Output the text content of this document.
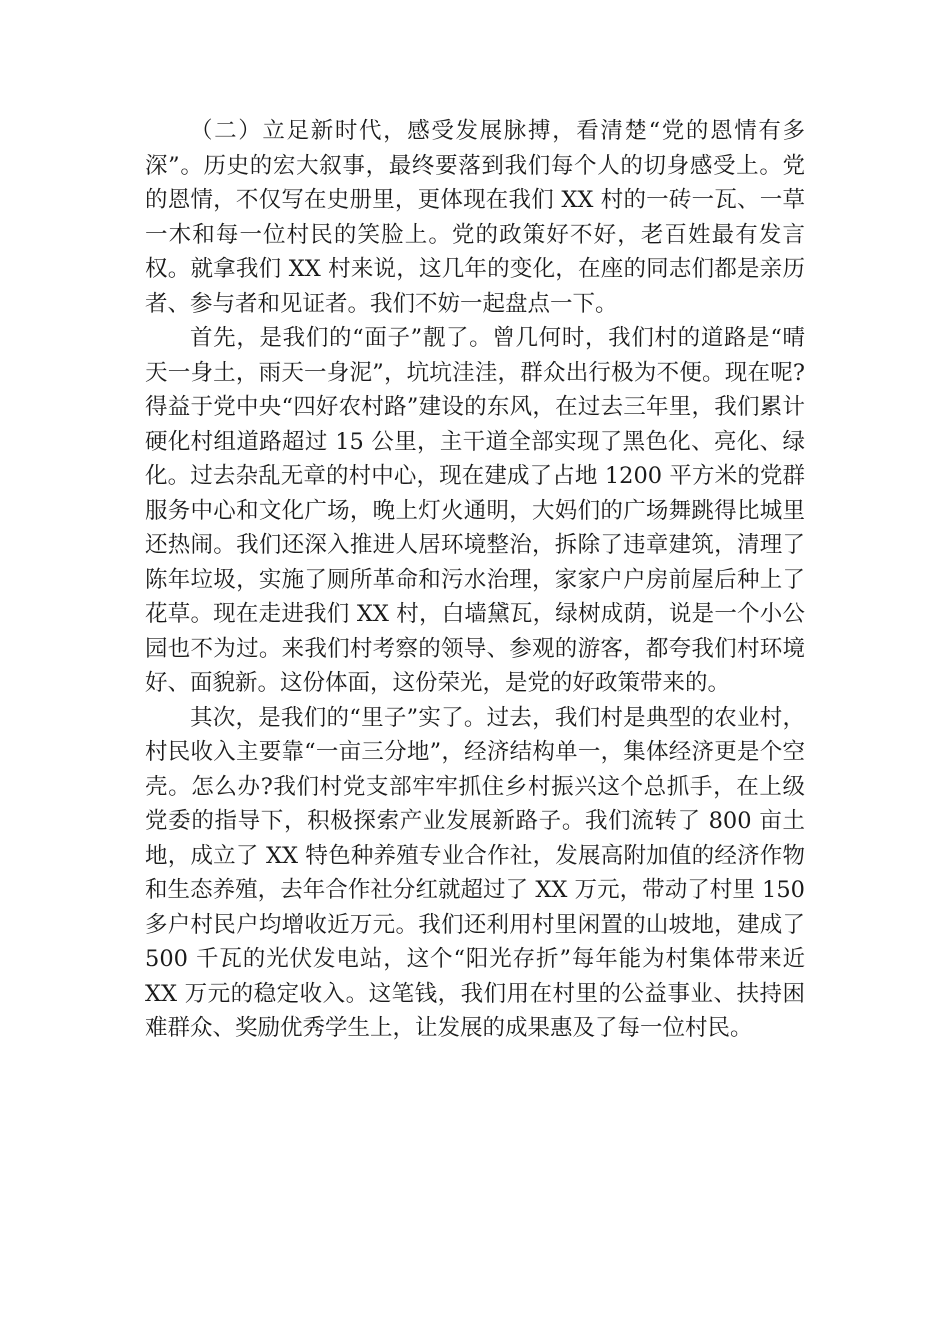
（二）立足新时代，感受发展脉搏，看清楚“党的恩情有多深”。历史的宏大叙事，最终要落到我们每个人的切身感受上。党的恩情，不仅写在史册里，更体现在我们 XX 村的一砖一瓦、一草一木和每一位村民的笑脸上。党的政策好不好，老百姓最有发言权。就拿我们 XX 村来说，这几年的变化，在座的同志们都是亲历者、参与者和见证者。我们不妨一起盘点一下。

首先，是我们的“面子”靓了。曾几何时，我们村的道路是“晴天一身土，雨天一身泥”，坑坑洼洼，群众出行极为不便。现在呢?得益于党中央“四好农村路”建设的东风，在过去三年里，我们累计硬化村组道路超过 15 公里，主干道全部实现了黑色化、亮化、绿化。过去杂乱无章的村中心，现在建成了占地 1200 平方米的党群服务中心和文化广场，晚上灯火通明，大妈们的广场舞跳得比城里还热闹。我们还深入推进人居环境整治，拆除了违章建筑，清理了陈年垃圾，实施了厕所革命和污水治理，家家户户房前屋后种上了花草。现在走进我们 XX 村，白墙黛瓦，绿树成荫，说是一个小公园也不为过。来我们村考察的领导、参观的游客，都夸我们村环境好、面貌新。这份体面，这份荣光，是党的好政策带来的。

其次，是我们的“里子”实了。过去，我们村是典型的农业村，村民收入主要靠“一亩三分地”，经济结构单一，集体经济更是个空壳。怎么办?我们村党支部牢牢抓住乡村振兴这个总抓手，在上级党委的指导下，积极探索产业发展新路子。我们流转了 800 亩土地，成立了 XX 特色种养殖专业合作社，发展高附加值的经济作物和生态养殖，去年合作社分红就超过了 XX 万元，带动了村里 150 多户村民户均增收近万元。我们还利用村里闲置的山坡地，建成了 500 千瓦的光伏发电站，这个“阳光存折”每年能为村集体带来近 XX 万元的稳定收入。这笔钱，我们用在村里的公益事业、扶持困难群众、奖励优秀学生上，让发展的成果惠及了每一位村民。
